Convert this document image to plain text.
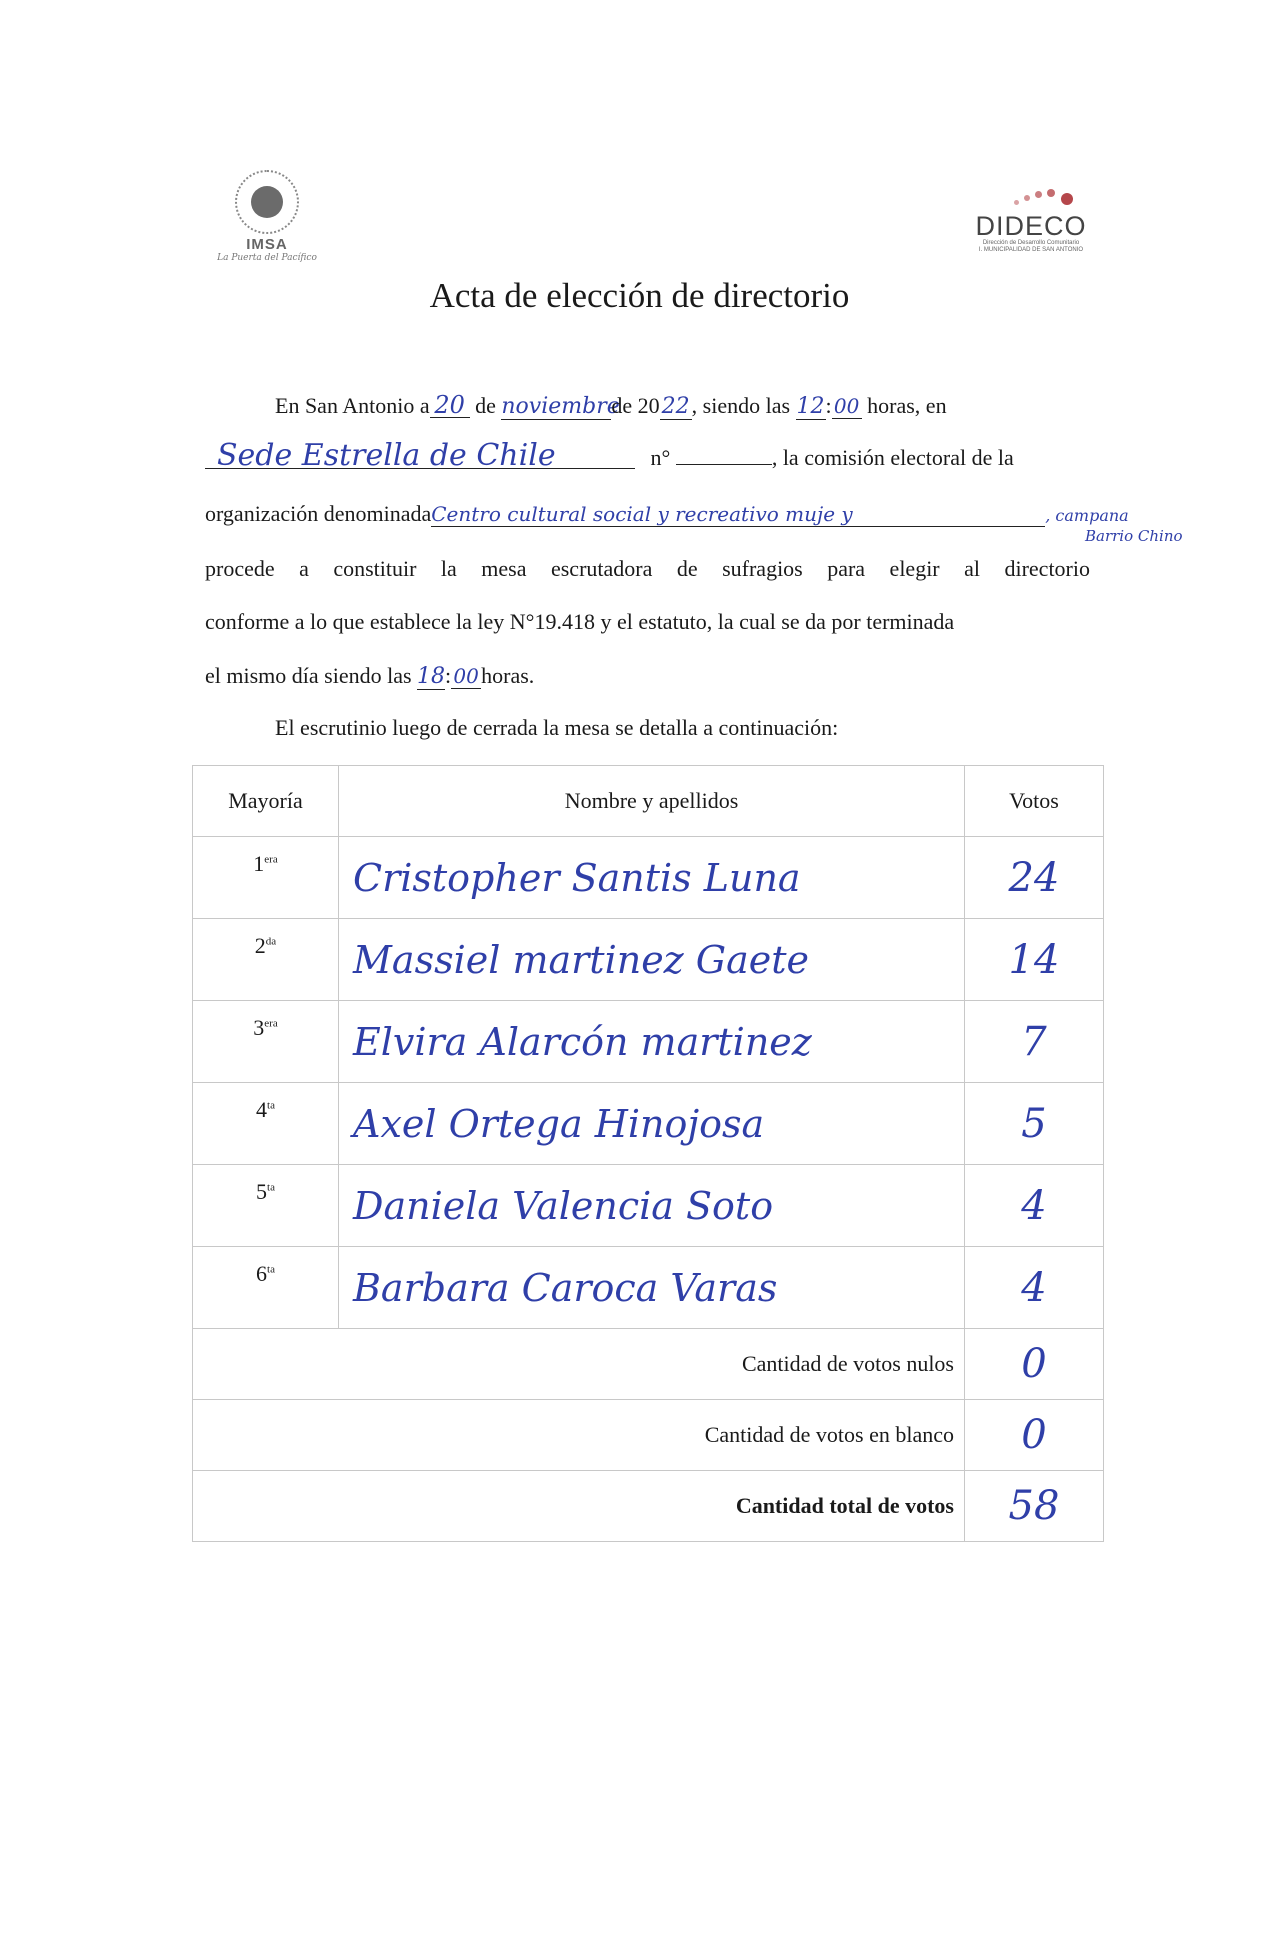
IMSA
La Puerta del Pacífico
DIDECO
Dirección de Desarrollo Comunitario
I. MUNICIPALIDAD DE SAN ANTONIO
Acta de elección de directorio
En San Antonio a 20 de noviembrede 2022, siendo las 12: 00 horas, en
Sede Estrella de Chile	n°	, la comisión electoral de la
organización denominadaCentro cultural social y recreativo muje y	, campana
Barrio Chino
procede a constituir la mesa escrutadora de sufragios para elegir al directorio
conforme a lo que establece la ley N°19.418 y el estatuto, la cual se da por terminada
el mismo día siendo las 18: 00 horas.
El escrutinio luego de cerrada la mesa se detalla a continuación:
Mayoría	Nombre y apellidos	Votos
$1^{era}$	Cristopher Santis Luna	24
$2^{da}$	Massiel martinez Gaete	14
$3^{era}$	Elvira Alarcón martinez	7
$4^{ta}$	Axel Ortega Hinojosa	5
$5^{ta}$	Daniela Valencia Soto	4
$6^{ta}$	Barbara Caroca Varas	4
Cantidad de votos nulos		0
Cantidad de votos en blanco		0
Cantidad total de votos		58
